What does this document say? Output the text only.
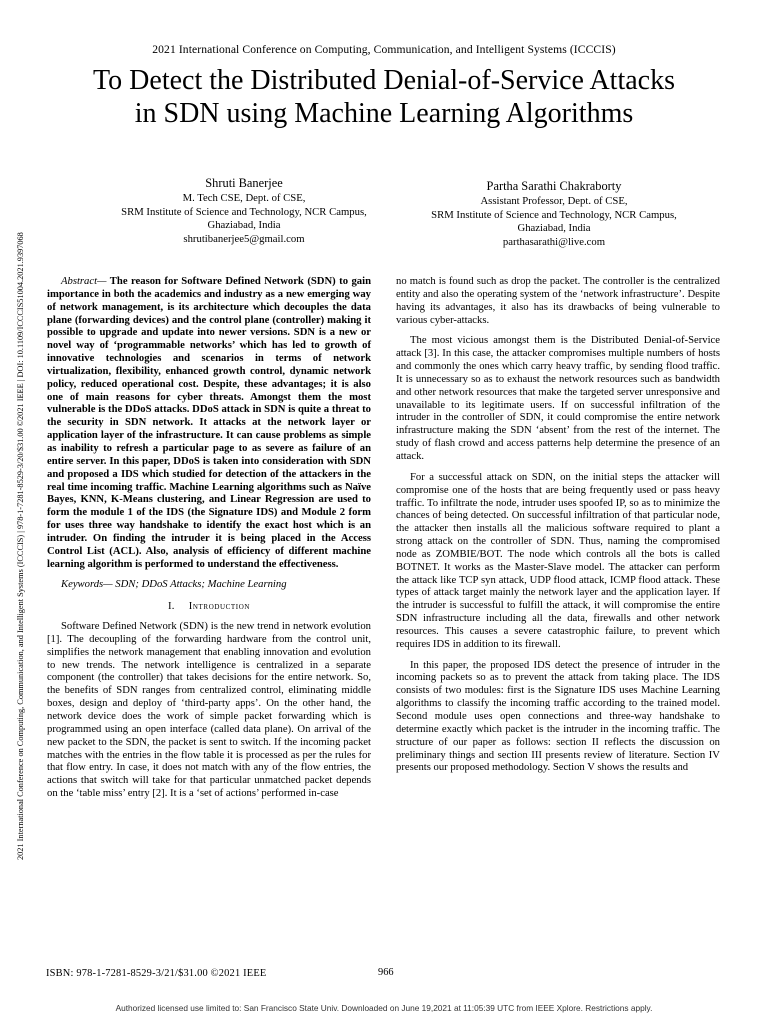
2021 International Conference on Computing, Communication, and Intelligent Systems (ICCCIS) | 978-1-7281-8529-3/20/$31.00 ©2021 IEEE | DOI: 10.1109/ICCCIS51004.2021.9397068
2021 International Conference on Computing, Communication, and Intelligent Systems (ICCCIS)
To Detect the Distributed Denial-of-Service Attacks
in SDN using Machine Learning Algorithms
Shruti Banerjee
M. Tech CSE, Dept. of CSE,
SRM Institute of Science and Technology, NCR Campus,
Ghaziabad, India
shrutibanerjee5@gmail.com
Partha Sarathi Chakraborty
Assistant Professor, Dept. of CSE,
SRM Institute of Science and Technology, NCR Campus,
Ghaziabad, India
parthasarathi@live.com

Abstract— The reason for Software Defined Network (SDN) to gain importance in both the academics and industry as a new emerging way of network management, is its architecture which decouples the data plane (forwarding devices) and the control plane (controller) making it possible to upgrade and update into newer versions. SDN is a new or novel way of ‘programmable networks’ which has led to growth of innovative technologies and scenarios in terms of network virtualization, flexibility, enhanced growth control, dynamic network policy, reduced operational cost. Despite, these advantages; it is also one of main reasons for cyber threats. Amongst them the most vulnerable is the DDoS attacks. DDoS attack in SDN is quite a threat to the security in SDN network. It attacks at the network layer or application layer of the infrastructure. It can cause problems as simple as inability to refresh a particular page to as severe as failure of an entire server. In this paper, DDoS is taken into consideration with SDN and proposed a IDS which studied for detection of the attackers in the real time incoming traffic. Machine Learning algorithms such as Naïve Bayes, KNN, K-Means clustering, and Linear Regression are used to form the module 1 of the IDS (the Signature IDS) and Module 2 form for uses three way handshake to identify the exact host which is an intruder. On finding the intruder it is being placed in the Access Control List (ACL). Also, analysis of efficiency of different machine learning algorithm is performed to understand the effectiveness.

Keywords— SDN; DDoS Attacks; Machine Learning

I. Introduction

Software Defined Network (SDN) is the new trend in network evolution [1]. The decoupling of the forwarding hardware from the control unit, simplifies the network management that enabling innovation and evolution to new trends. The network intelligence is centralized in a separate component (the controller) that takes decisions for the entire network. So, the benefits of SDN ranges from centralized control, eliminating middle boxes, design and deploy of ‘third-party apps’. On the other hand, the network device does the work of simple packet forwarding which is programmed using an open interface (called data plane). On arrival of the new packet to the SDN, the packet is sent to switch. If the incoming packet matches with the entries in the flow table it is processed as per the rules for that flow entry. In case, it does not match with any of the flow entries, the actions that switch will take for that particular unmatched packet depends on the ‘table miss’ entry [2]. It is a ‘set of actions’ performed in-case

no match is found such as drop the packet. The controller is the centralized entity and also the operating system of the ‘network infrastructure’. Despite having its advantages, it also has its drawbacks of being vulnerable to various cyber-attacks.

The most vicious amongst them is the Distributed Denial-of-Service attack [3]. In this case, the attacker compromises multiple numbers of hosts and commonly the ones which carry heavy traffic, by sending flood traffic. It is unnecessary so as to exhaust the network resources such as bandwidth and other network resources that make the targeted server unresponsive and unavailable to its legitimate users. If on successful infiltration of the intruder in the controller of SDN, it could compromise the entire network infrastructure making the SDN ‘absent’ from the rest of the internet. The study of flash crowd and access patterns help determine the presence of an attack.

For a successful attack on SDN, on the initial steps the attacker will compromise one of the hosts that are being frequently used or pass heavy traffic. To infiltrate the node, intruder uses spoofed IP, so as to minimize the chances of being detected. On successful infiltration of that particular node, the attacker then installs all the malicious software required to plant a strong attack on the controller of SDN. Thus, naming the compromised node as ZOMBIE/BOT. The node which controls all the bots is called BOTNET. It works as the Master-Slave model. The attacker can perform the attack like TCP syn attack, UDP flood attack, ICMP flood attack. These types of attack target mainly the network layer and the application layer. If the intruder is successful to fulfill the attack, it will compromise the entire SDN infrastructure including all the data, firewalls and other network resources. This causes a severe catastrophic failure, to prevent which requires IDS in addition to its firewall.

In this paper, the proposed IDS detect the presence of intruder in the incoming packets so as to prevent the attack from taking place. The IDS consists of two modules: first is the Signature IDS uses Machine Learning algorithms to classify the incoming traffic according to the trained model. Second module uses open connections and three-way handshake to determine exactly which packet is the intruder in the incoming traffic. The structure of our paper as follows: section II reflects the discussion on preliminary things and section III presents review of literature. Section IV presents our proposed methodology. Section V shows the results and

ISBN: 978-1-7281-8529-3/21/$31.00 ©2021 IEEE	966
Authorized licensed use limited to: San Francisco State Univ. Downloaded on June 19,2021 at 11:05:39 UTC from IEEE Xplore. Restrictions apply.
